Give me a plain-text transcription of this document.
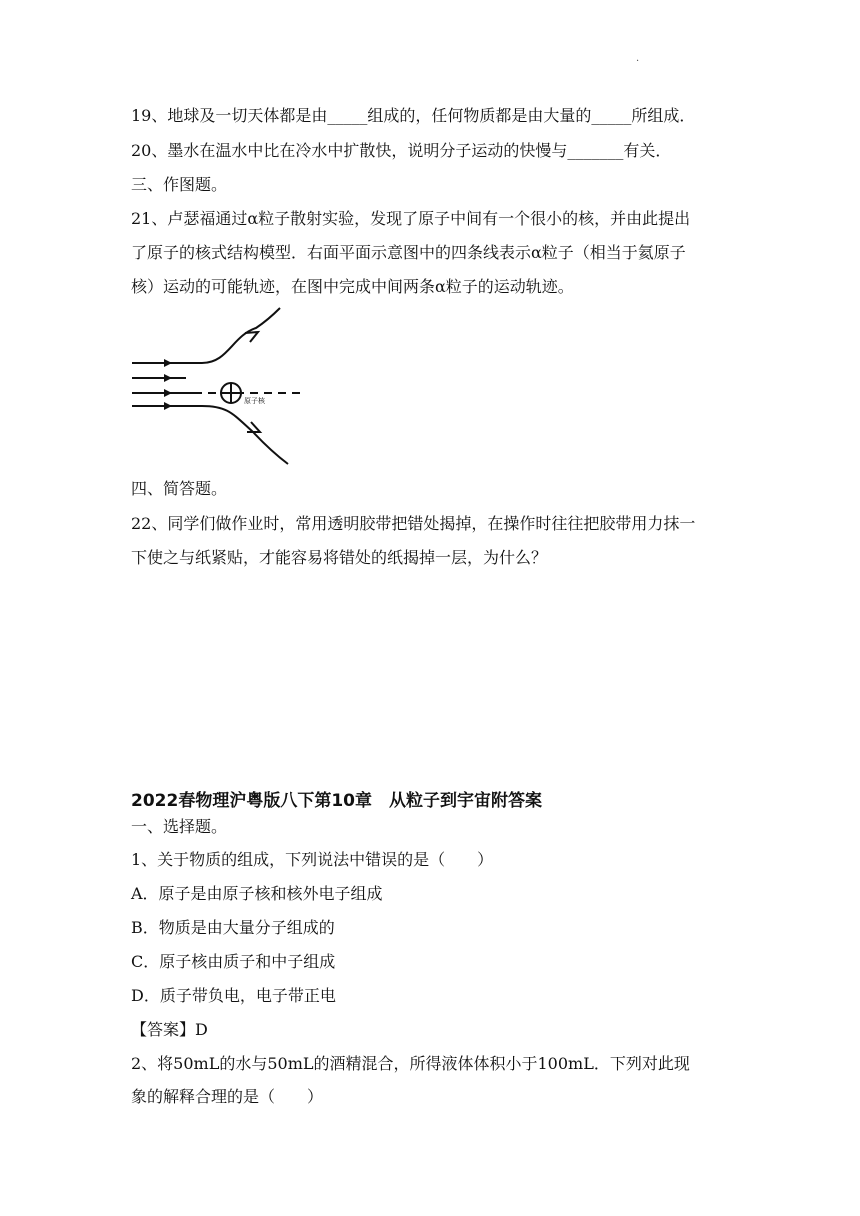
·
19、地球及一切天体都是由_____组成的，任何物质都是由大量的_____所组成．
20、墨水在温水中比在冷水中扩散快，说明分子运动的快慢与_______有关．
三、作图题。
21、卢瑟福通过α粒子散射实验，发现了原子中间有一个很小的核，并由此提出
了原子的核式结构模型．右面平面示意图中的四条线表示α粒子（相当于氦原子
核）运动的可能轨迹，在图中完成中间两条α粒子的运动轨迹。
原子核
四、简答题。
22、同学们做作业时，常用透明胶带把错处揭掉，在操作时往往把胶带用力抹一
下使之与纸紧贴，才能容易将错处的纸揭掉一层，为什么？
2022春物理沪粤版八下第10章　从粒子到宇宙附答案
一、选择题。
1、关于物质的组成，下列说法中错误的是（　　）
A．原子是由原子核和核外电子组成
B．物质是由大量分子组成的
C．原子核由质子和中子组成
D．质子带负电，电子带正电
【答案】D
2、将50mL的水与50mL的酒精混合，所得液体体积小于100mL．下列对此现
象的解释合理的是（　　）
